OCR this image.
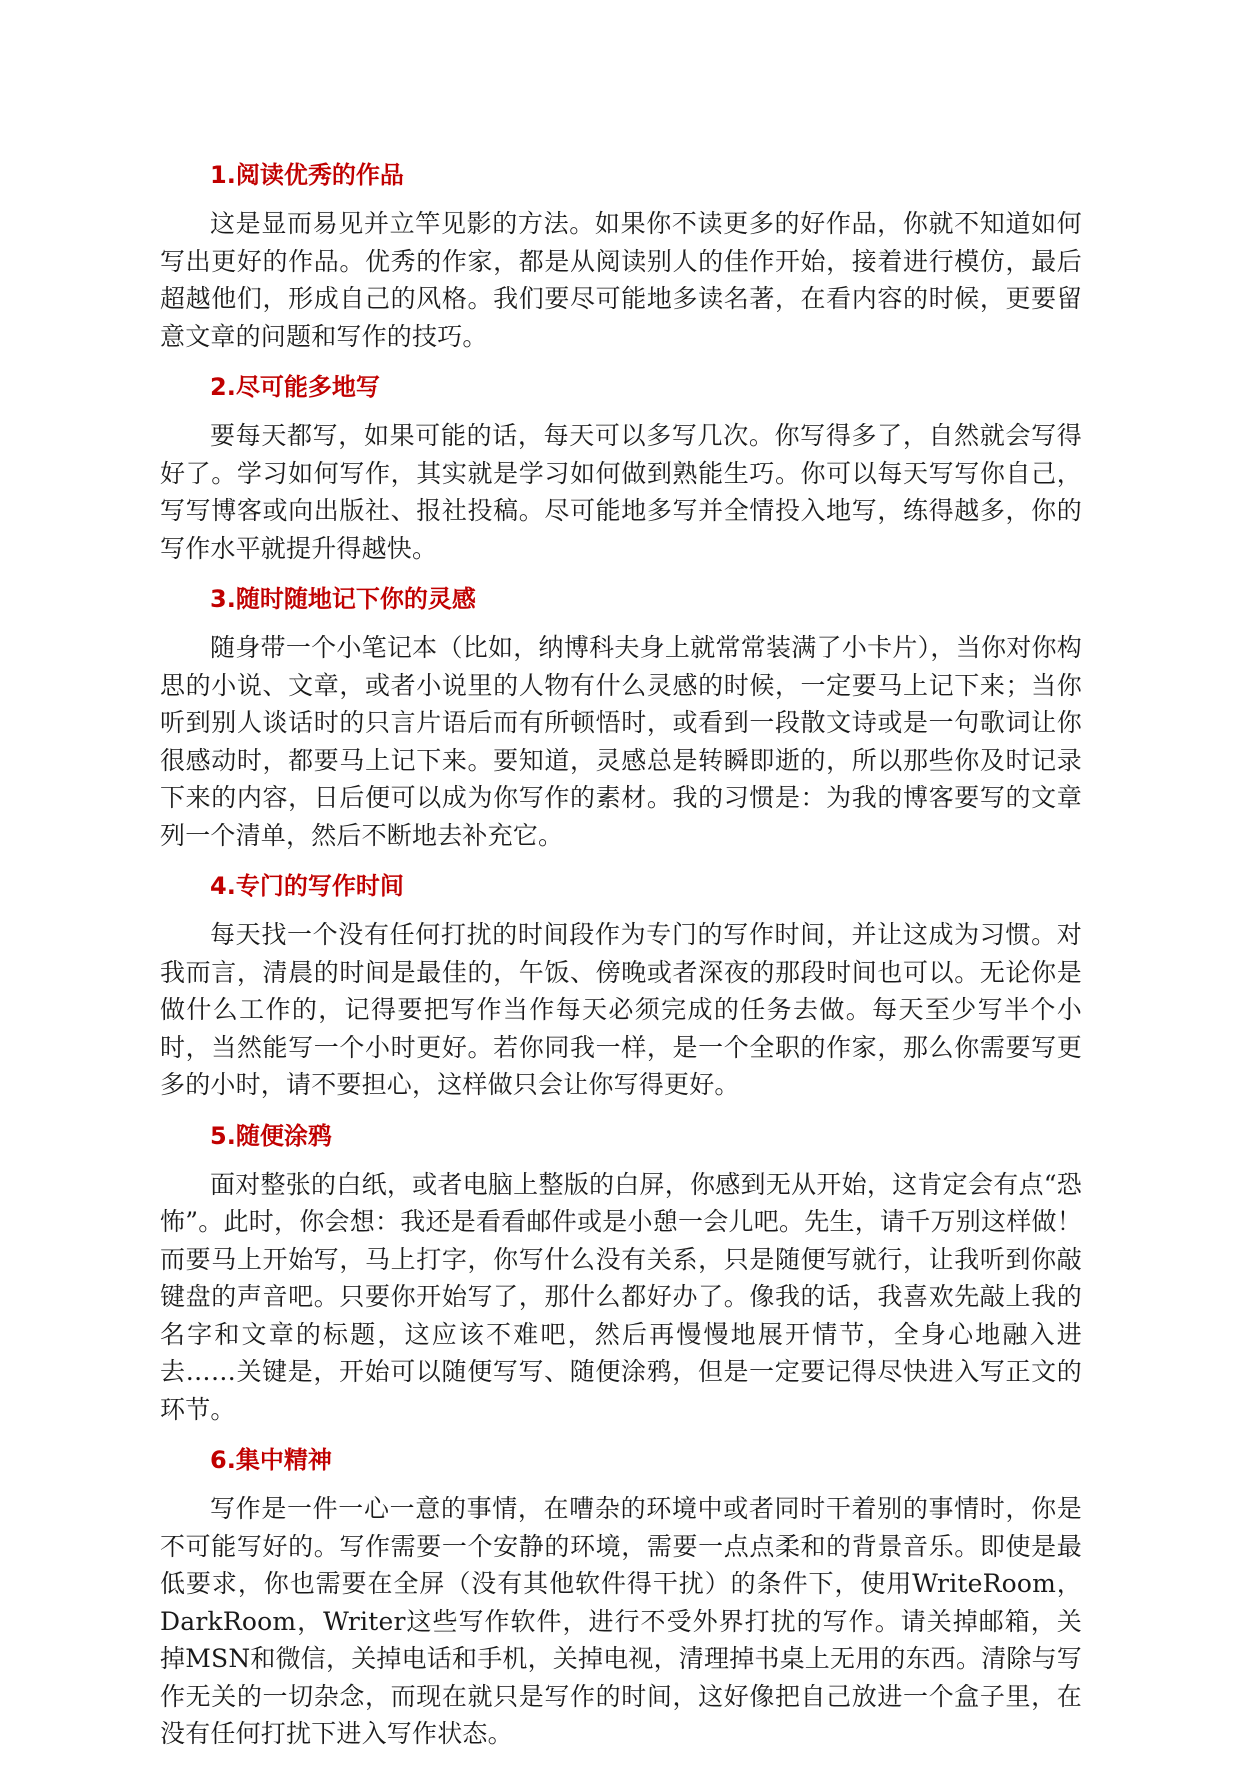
1.阅读优秀的作品

这是显而易见并立竿见影的方法。如果你不读更多的好作品，你就不知道如何写出更好的作品。优秀的作家，都是从阅读别人的佳作开始，接着进行模仿，最后超越他们，形成自己的风格。我们要尽可能地多读名著，在看内容的时候，更要留意文章的问题和写作的技巧。

2.尽可能多地写

要每天都写，如果可能的话，每天可以多写几次。你写得多了，自然就会写得好了。学习如何写作，其实就是学习如何做到熟能生巧。你可以每天写写你自己，写写博客或向出版社、报社投稿。尽可能地多写并全情投入地写，练得越多，你的写作水平就提升得越快。

3.随时随地记下你的灵感

随身带一个小笔记本（比如，纳博科夫身上就常常装满了小卡片），当你对你构思的小说、文章，或者小说里的人物有什么灵感的时候，一定要马上记下来；当你听到别人谈话时的只言片语后而有所顿悟时，或看到一段散文诗或是一句歌词让你很感动时，都要马上记下来。要知道，灵感总是转瞬即逝的，所以那些你及时记录下来的内容，日后便可以成为你写作的素材。我的习惯是：为我的博客要写的文章列一个清单，然后不断地去补充它。

4.专门的写作时间

每天找一个没有任何打扰的时间段作为专门的写作时间，并让这成为习惯。对我而言，清晨的时间是最佳的，午饭、傍晚或者深夜的那段时间也可以。无论你是做什么工作的，记得要把写作当作每天必须完成的任务去做。每天至少写半个小时，当然能写一个小时更好。若你同我一样，是一个全职的作家，那么你需要写更多的小时，请不要担心，这样做只会让你写得更好。

5.随便涂鸦

面对整张的白纸，或者电脑上整版的白屏，你感到无从开始，这肯定会有点“恐怖”。此时，你会想：我还是看看邮件或是小憩一会儿吧。先生，请千万别这样做！而要马上开始写，马上打字，你写什么没有关系，只是随便写就行，让我听到你敲键盘的声音吧。只要你开始写了，那什么都好办了。像我的话，我喜欢先敲上我的名字和文章的标题，这应该不难吧，然后再慢慢地展开情节，全身心地融入进去……关键是，开始可以随便写写、随便涂鸦，但是一定要记得尽快进入写正文的环节。

6.集中精神

写作是一件一心一意的事情，在嘈杂的环境中或者同时干着别的事情时，你是不可能写好的。写作需要一个安静的环境，需要一点点柔和的背景音乐。即使是最低要求，你也需要在全屏（没有其他软件得干扰）的条件下，使用WriteRoom，DarkRoom，Writer这些写作软件，进行不受外界打扰的写作。请关掉邮箱，关掉MSN和微信，关掉电话和手机，关掉电视，清理掉书桌上无用的东西。清除与写作无关的一切杂念，而现在就只是写作的时间，这好像把自己放进一个盒子里，在没有任何打扰下进入写作状态。
